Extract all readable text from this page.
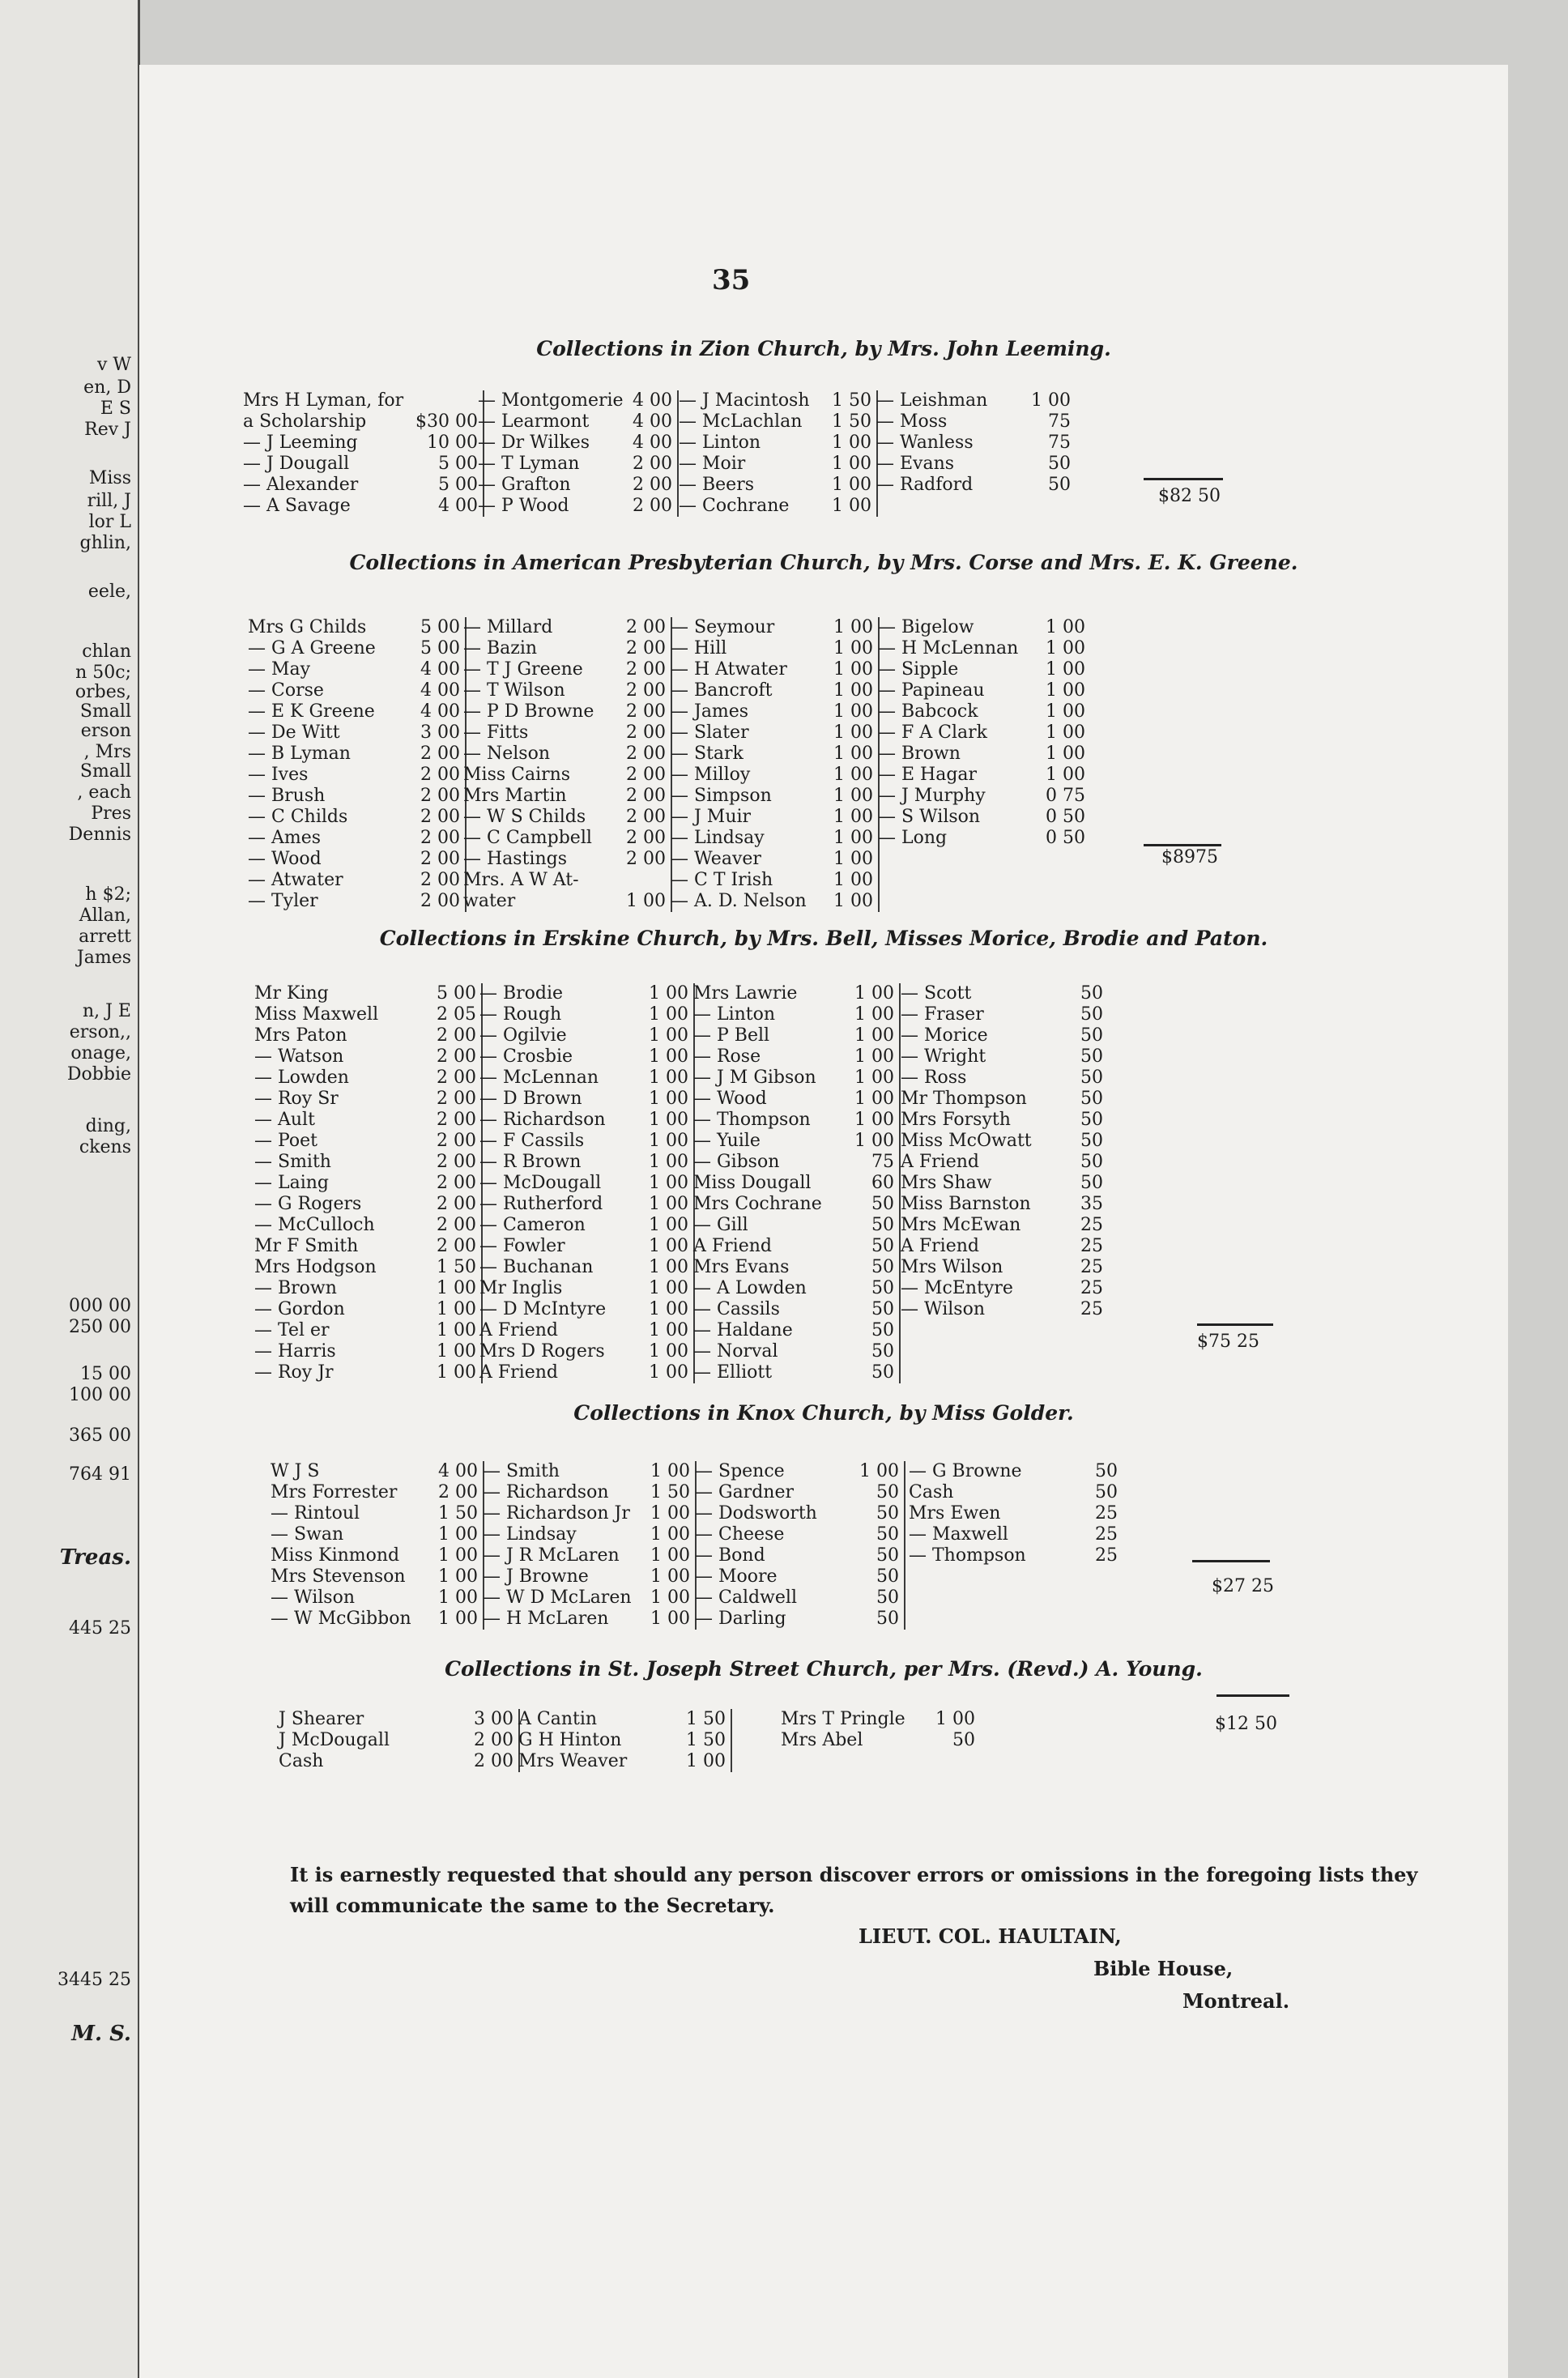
v W
en, D
E S
Rev J
Miss
rill, J
lor L
ghlin,
eele,
chlan
n 50c;
orbes,
Small
erson
, Mrs
Small
, each
Pres
Dennis
h $2;
Allan,
arrett
James
n, J E
erson,,
onage,
Dobbie
ding,
ckens
000 00
250 00
15 00
100 00
365 00
764 91
Treas.
445 25
3445 25
M. S.
35
It is earnestly requested that should any person discover errors or omissions in the foregoing lists they will communicate the same to the Secretary.
LIEUT. COL. HAULTAIN,
Bible House,
Montreal.
Collections in Zion Church, by Mrs. John Leeming.
Mrs H Lyman, for
a Scholarship	$30 00
— J Leeming	10 00
— J Dougall	5 00
— Alexander	5 00
— A Savage	4 00
— Montgomerie 4 00
— Learmont 4 00
— Dr Wilkes 4 00
— T Lyman	2 00
— Grafton	2 00
— P Wood	2 00
— J Macintosh 1 50
— McLachlan 1 50
— Linton	1 00
— Moir	1 00
— Beers	1 00
— Cochrane 1 00
— Leishman 1 00
— Moss	75
— Wanless	75
— Evans	50
— Radford	50
$82 50
Collections in American Presbyterian Church, by Mrs. Corse and Mrs. E. K. Greene.
Mrs G Childs	5 00
— G A Greene	5 00
— May	4 00
— Corse	4 00
— E K Greene	4 00
— De Witt	3 00
— B Lyman	2 00
— Ives	2 00
— Brush	2 00
— C Childs	2 00
— Ames	2 00
— Wood	2 00
— Atwater	2 00
— Tyler	2 00
— Millard	2 00
— Bazin	2 00
— T J Greene 2 00
— T Wilson	2 00
— P D Browne 2 00
— Fitts	2 00
— Nelson	2 00
Miss Cairns	2 00
Mrs Martin	2 00
— W S Childs 2 00
— C Campbell 2 00
— Hastings	2 00
Mrs. A W At-
water	1 00
— Seymour	1 00
— Hill	1 00
— H Atwater	1 00
— Bancroft	1 00
— James	1 00
— Slater	1 00
— Stark	1 00
— Milloy	1 00
— Simpson	1 00
— J Muir	1 00
— Lindsay	1 00
— Weaver	1 00
— C T Irish	1 00
— A. D. Nelson 1 00
— Bigelow	1 00
— H McLennan 1 00
— Sipple	1 00
— Papineau	1 00
— Babcock	1 00
— F A Clark	1 00
— Brown	1 00
— E Hagar	1 00
— J Murphy	0 75
— S Wilson	0 50
— Long	0 50
$8975
Collections in Erskine Church, by Mrs. Bell, Misses Morice, Brodie and Paton.
Mr King	5 00
Miss Maxwell	2 05
Mrs Paton	2 00
— Watson	2 00
— Lowden	2 00
— Roy Sr	2 00
— Ault	2 00
— Poet	2 00
— Smith	2 00
— Laing	2 00
— G Rogers	2 00
— McCulloch	2 00
Mr F Smith	2 00
Mrs Hodgson	1 50
— Brown	1 00
— Gordon	1 00
— Tel er	1 00
— Harris	1 00
— Roy Jr	1 00
— Brodie	1 00
— Rough	1 00
— Ogilvie	1 00
— Crosbie	1 00
— McLennan	1 00
— D Brown	1 00
— Richardson 1 00
— F Cassils	1 00
— R Brown	1 00
— McDougall	1 00
— Rutherford	1 00
— Cameron	1 00
— Fowler	1 00
— Buchanan	1 00
Mr Inglis	1 00
— D McIntyre 1 00
A Friend	1 00
Mrs D Rogers 1 00
A Friend	1 00
Mrs Lawrie	1 00
— Linton	1 00
— P Bell	1 00
— Rose	1 00
— J M Gibson 1 00
— Wood	1 00
— Thompson 1 00
— Yuile	1 00
— Gibson	75
Miss Dougall	60
Mrs Cochrane	50
— Gill	50
A Friend	50
Mrs Evans	50
— A Lowden	50
— Cassils	50
— Haldane	50
— Norval	50
— Elliott	50
— Scott	50
— Fraser	50
— Morice	50
— Wright	50
— Ross	50
Mr Thompson	50
Mrs Forsyth	50
Miss McOwatt	50
A Friend	50
Mrs Shaw	50
Miss Barnston	35
Mrs McEwan	25
A Friend	25
Mrs Wilson	25
— McEntyre	25
— Wilson	25
$75 25
Collections in Knox Church, by Miss Golder.
W J S	4 00
Mrs Forrester 2 00
— Rintoul	1 50
— Swan	1 00
Miss Kinmond 1 00
Mrs Stevenson 1 00
— Wilson	1 00
— W McGibbon 1 00
— Smith	1 00
— Richardson 1 50
— Richardson Jr 1 00
— Lindsay	1 00
— J R McLaren 1 00
— J Browne	1 00
— W D McLaren 1 00
— H McLaren 1 00
— Spence	1 00
— Gardner	50
— Dodsworth	50
— Cheese	50
— Bond	50
— Moore	50
— Caldwell	50
— Darling	50
— G Browne	50
Cash	50
Mrs Ewen	25
— Maxwell	25
— Thompson	25
$27 25
Collections in St. Joseph Street Church, per Mrs. (Revd.) A. Young.
J Shearer	3 00
J McDougall	2 00
Cash	2 00
A Cantin	1 50
G H Hinton	1 50
Mrs Weaver	1 00
Mrs T Pringle 1 00
Mrs Abel	50
$12 50
